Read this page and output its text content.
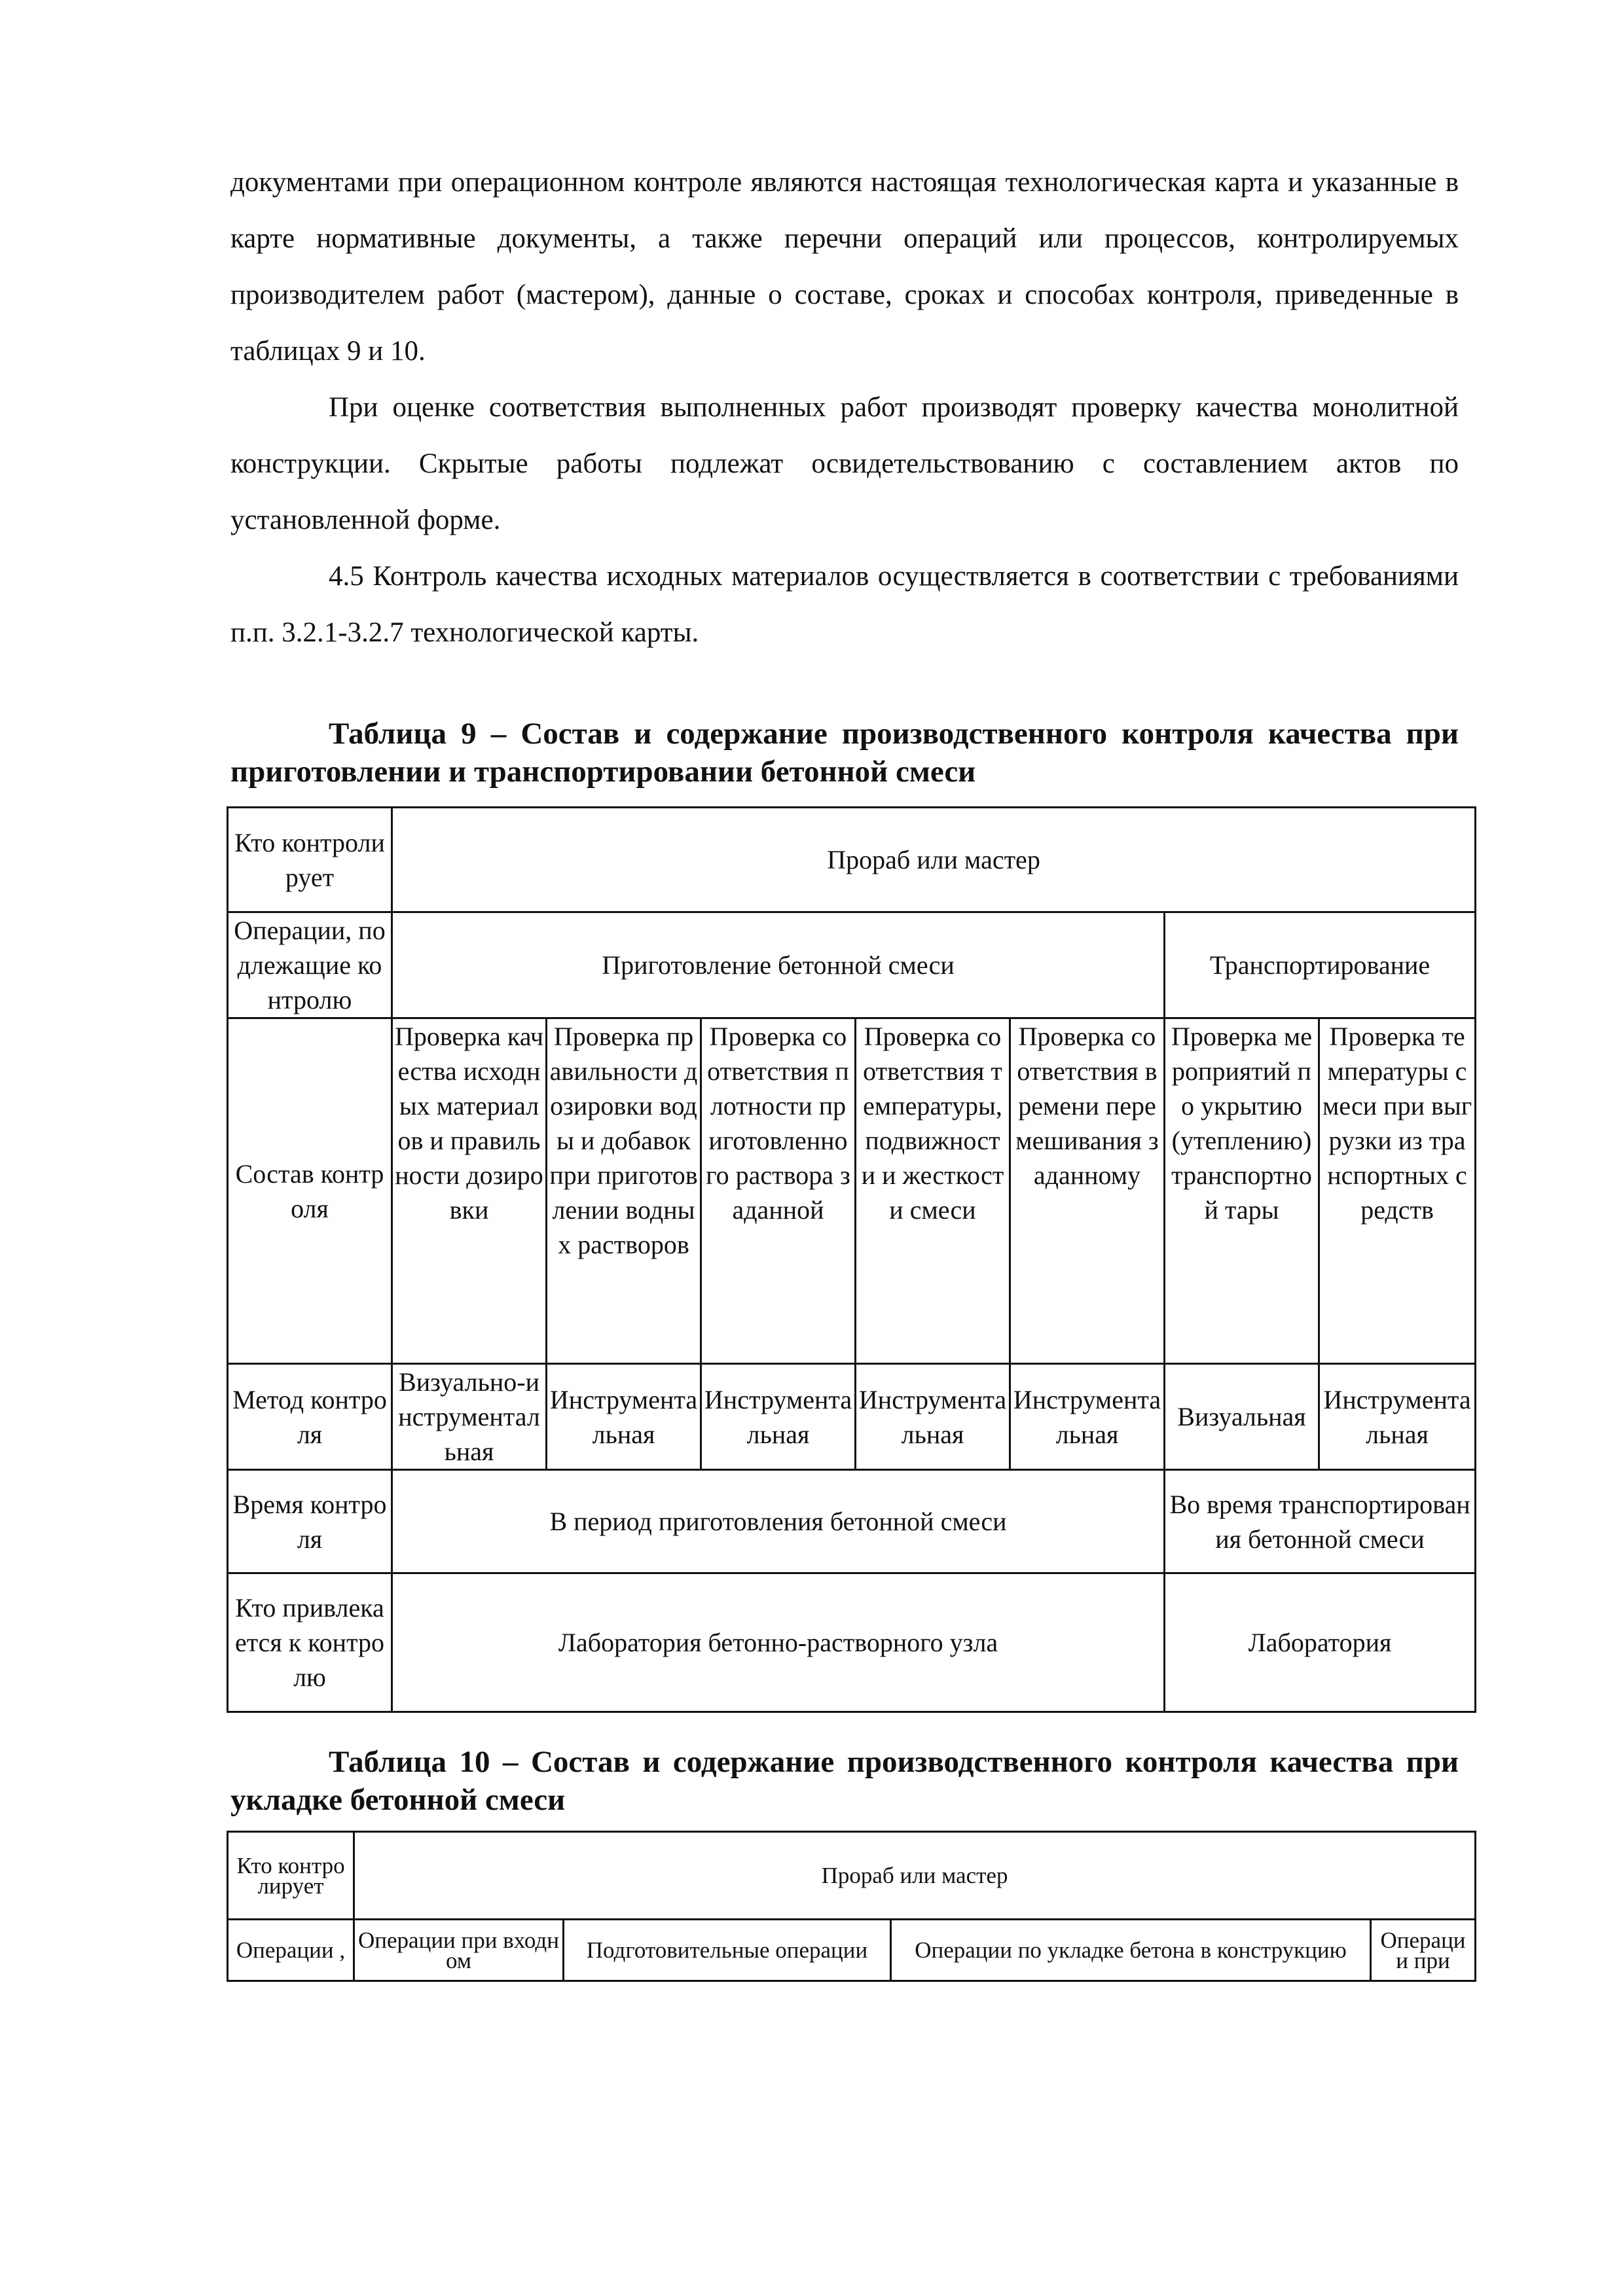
документами при операционном контроле являются настоящая технологическая карта и указанные в карте нормативные документы, а также перечни операций или процессов, контролируемых производителем работ (мастером), данные о составе, сроках и способах контроля, приведенные в таблицах 9 и 10.

При оценке соответствия выполненных работ производят проверку качества монолитной конструкции. Скрытые работы подлежат освидетельствованию с составлением актов по установленной форме.

4.5 Контроль качества исходных материалов осуществляется в соответствии с требованиями п.п. 3.2.1-3.2.7 технологической карты.

Таблица 9 – Состав и содержание производственного контроля качества при приготовлении и транспортировании бетонной смеси

Кто контролирует	Прораб или мастер						
Операции, подлежащие контролю	Приготовление бетонной смеси					Транспортирование	
Состав контроля	Проверка качества исходных материалов и правильности дозировки	Проверка правильности дозировки воды и добавок при приготовлении водных растворов	Проверка соответствия плотности приготовленного раствора заданной	Проверка соответствия температуры, подвижности и жесткости смеси	Проверка соответствия времени перемешивания заданному	Проверка мероприятий по укрытию (утеплению) транспортной тары	Проверка температуры смеси при выгрузки из транспортных средств
Метод контроля	Визуально-инструментальная	Инструментальная	Инструментальная	Инструментальная	Инструментальная	Визуальная	Инструментальная
Время контроля	В период приготовления бетонной смеси					Во время транспортирования бетонной смеси	
Кто привлекается к контролю	Лаборатория бетонно-растворного узла					Лаборатория	

Таблица 10 – Состав и содержание производственного контроля качества при укладке бетонной смеси

Кто контролирует	Прораб или мастер			
Операции ,	Операции при входном	Подготовительные операции	Операции по укладке бетона в конструкцию	Операци и при
